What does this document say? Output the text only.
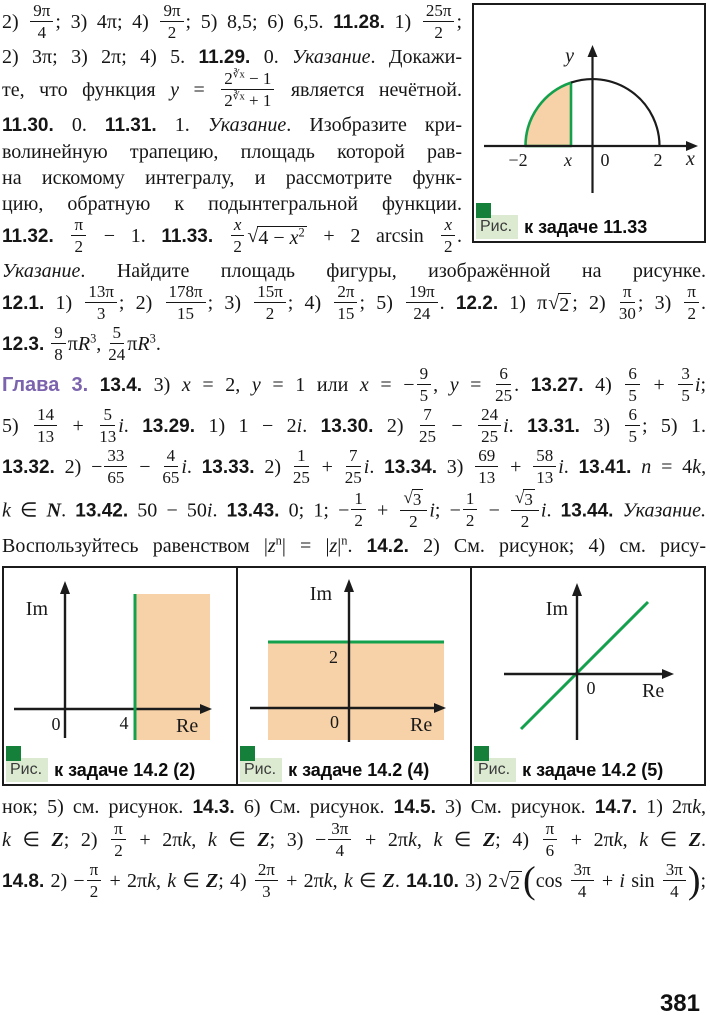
y
x
−2 x 0 2
Рис. к задаче 11.33
$2) \frac{9\pi}{4}$ ; 3) 4π; $4) \frac{9\pi}{2}$ ; 5) 8,5; 6) 6,5. 11.28. $1) \frac{25\pi}{2}$ ;
2) 3π; 3) 2π; 4) 5. 11.29. 0. Указание. Докажи-
те, что функция $y = \frac{2^{∛x} - 1}{2^{∛x} + 1}$ является нечётной.
11.30. 0. 11.31. 1. Указание. Изобразите кри-
волинейную трапецию, площадь которой рав-
на искомому интегралу, и рассмотрите функ-
цию, обратную к подынтегральной функции.
11.32. $\frac{\pi}{2} - 1$. 11.33. $\frac{x}{2}$ √ $4 - x^2 + 2$ $\arcsin \frac{x}{2}$ .
Указание. Найдите площадь фигуры, изображённой на рисунке.
12.1. $1) \frac{13\pi}{3}$ ; $2) \frac{178\pi}{15}$ ; $3) \frac{15\pi}{2}$ ; $4) \frac{2\pi}{15}$ ; $5) \frac{19\pi}{24}$ . 12.2. 1) π √ 2 ; $2) \frac{\pi}{30}$ ; $3) \frac{\pi}{2}$ .
12.3. $\frac{9}{8} \pi R^3$, $\frac{5}{24} \pi R^3$.
Глава 3. 13.4. 3) x = 2, y = 1 или x = − $\frac{9}{5}$ , $y = \frac{6}{25}$ . 13.27. $4) \frac{6}{5} + \frac{3}{5} i$;
$5) \frac{14}{13} + \frac{5}{13} i$. 13.29. 1) 1 − 2i. 13.30. $2) \frac{7}{25} - \frac{24}{25} i$. 13.31. $3) \frac{6}{5}$ ; 5) 1.
13.32. $2) - \frac{33}{65} - \frac{4}{65} i$. 13.33. $2) \frac{1}{25} + \frac{7}{25} i$. 13.34. $3) \frac{69}{13} + \frac{58}{13} i$. 13.41. n = 4k,
k ∈ N. 13.42. 50 − 50i. 13.43. 0; 1; − $\frac{1}{2} + \frac{√ 3}{2} i$; − $\frac{1}{2} - \frac{√ 3}{2} i$. 13.44. Указание.
Воспользуйтесь равенством $|z^n| = |z|^n$. 14.2. 2) См. рисунок; 4) см. рису-
Im
0	4 Re
Рис. к задаче 14.2 (2)
Im
2
0	Re
Рис. к задаче 14.2 (4)
Im
0 Re
Рис. к задаче 14.2 (5)
нок; 5) см. рисунок. 14.3. 6) См. рисунок. 14.5. 3) См. рисунок. 14.7. 1) 2πk,
k ∈ Z; $2) \frac{\pi}{2} + 2\pi k$, k ∈ Z; $3) - \frac{3\pi}{4} + 2\pi k$, k ∈ Z; $4) \frac{\pi}{6} + 2\pi k$, k ∈ Z.
14.8. $2) - \frac{\pi}{2} + 2\pi k$, k ∈ Z; $4) \frac{2\pi}{3} + 2\pi k$, k ∈ Z. 14.10. 3) 2 √ 2 ($\cos \frac{3\pi}{4} + i$ $\sin \frac{3\pi}{4}$ );
381
